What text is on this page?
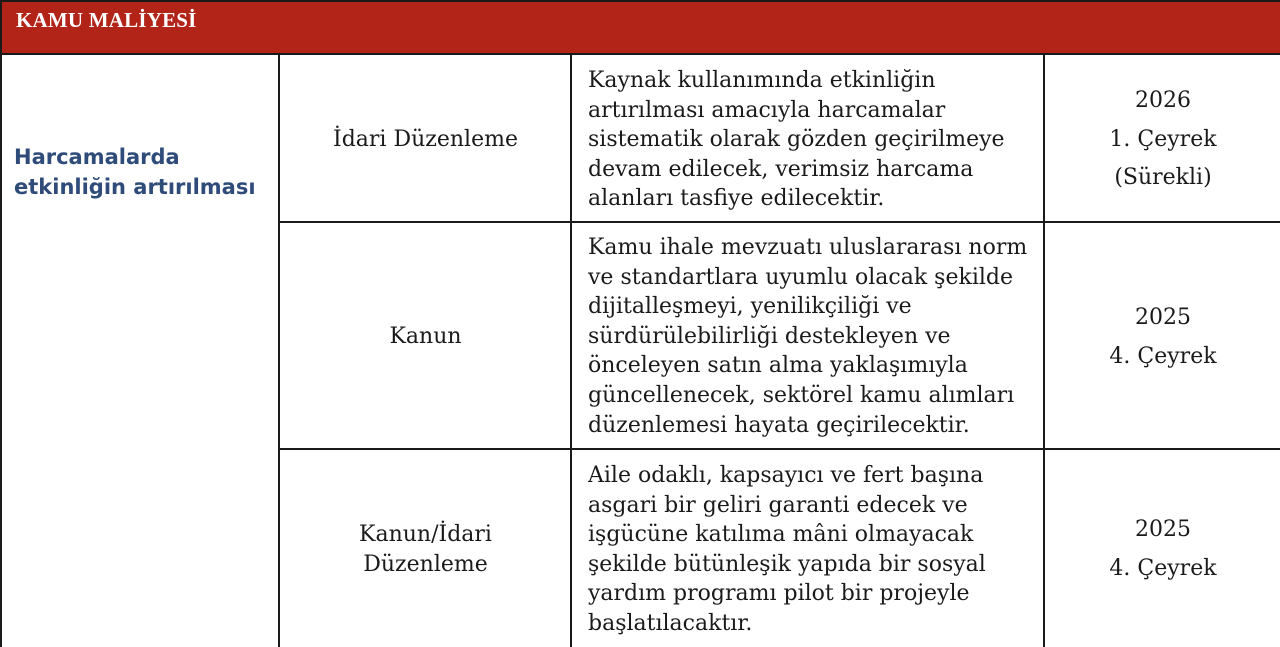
KAMU MALİYESİ
Harcamalarda
etkinliğin artırılması
İdari Düzenleme
Kaynak kullanımında etkinliğin
artırılması amacıyla harcamalar
sistematik olarak gözden geçirilmeye
devam edilecek, verimsiz harcama
alanları tasfiye edilecektir.
2026
1. Çeyrek
(Sürekli)
Kanun
Kamu ihale mevzuatı uluslararası norm
ve standartlara uyumlu olacak şekilde
dijitalleşmeyi, yenilikçiliği ve
sürdürülebilirliği destekleyen ve
önceleyen satın alma yaklaşımıyla
güncellenecek, sektörel kamu alımları
düzenlemesi hayata geçirilecektir.
2025
4. Çeyrek
Kanun/İdari
Düzenleme
Aile odaklı, kapsayıcı ve fert başına
asgari bir geliri garanti edecek ve
işgücüne katılıma mâni olmayacak
şekilde bütünleşik yapıda bir sosyal
yardım programı pilot bir projeyle
başlatılacaktır.
2025
4. Çeyrek
